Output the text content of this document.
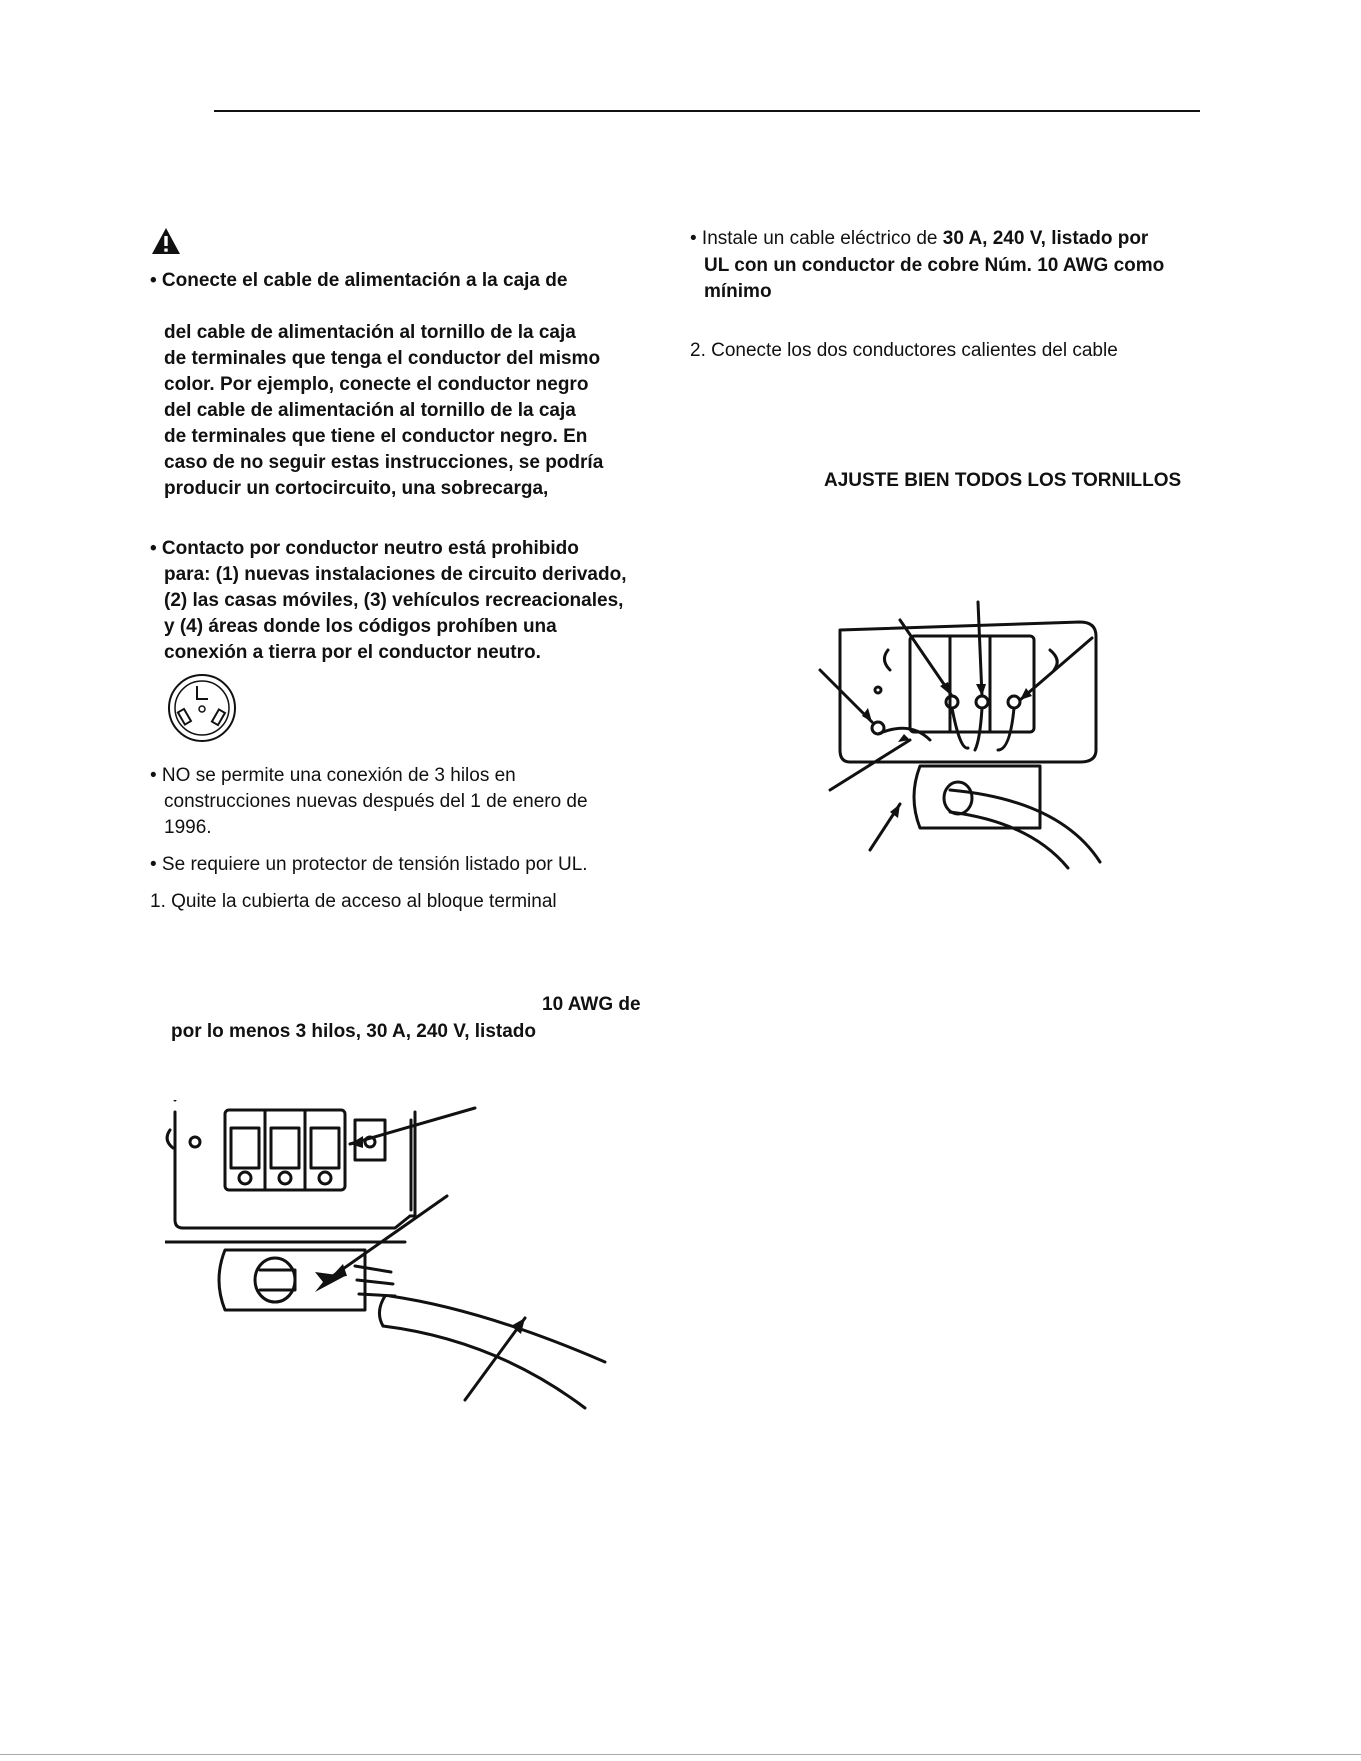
• Conecte el cable de alimentación a la caja de
del cable de alimentación al tornillo de la caja
de terminales que tenga el conductor del mismo
color. Por ejemplo, conecte el conductor negro
del cable de alimentación al tornillo de la caja
de terminales que tiene el conductor negro. En
caso de no seguir estas instrucciones, se podría
producir un cortocircuito, una sobrecarga,
• Contacto por conductor neutro está prohibido
para: (1) nuevas instalaciones de circuito derivado,
(2) las casas móviles, (3) vehículos recreacionales,
y (4) áreas donde los códigos prohíben una
conexión a tierra por el conductor neutro.
• NO se permite una conexión de 3 hilos en
construcciones nuevas después del 1 de enero de
1996.
• Se requiere un protector de tensión listado por UL.
1. Quite la cubierta de acceso al bloque terminal
10 AWG de
por lo menos 3 hilos, 30 A, 240 V, listado
• Instale un cable eléctrico de 30 A, 240 V, listado por
UL con un conductor de cobre Núm. 10 AWG como
mínimo
2. Conecte los dos conductores calientes del cable
AJUSTE BIEN TODOS LOS TORNILLOS
